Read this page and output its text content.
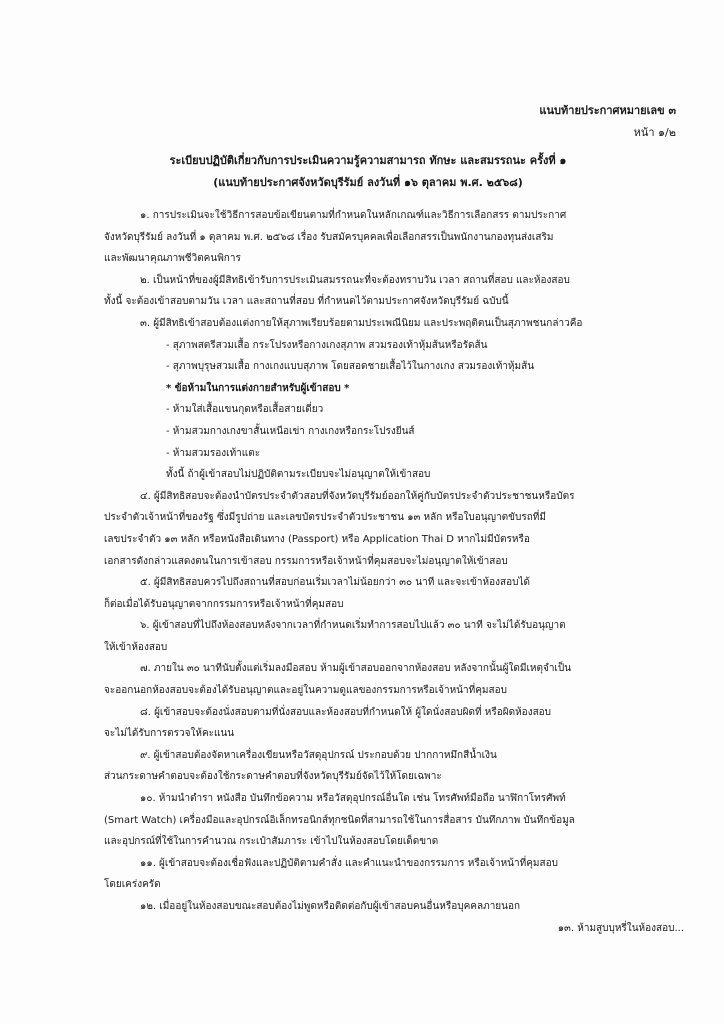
แนบท้ายประกาศหมายเลข ๓
หน้า ๑/๒
ระเบียบปฏิบัติเกี่ยวกับการประเมินความรู้ความสามารถ ทักษะ และสมรรถนะ ครั้งที่ ๑
(แนบท้ายประกาศจังหวัดบุรีรัมย์ ลงวันที่ ๑๖ ตุลาคม พ.ศ. ๒๕๖๘)

๑. การประเมินจะใช้วิธีการสอบข้อเขียนตามที่กำหนดในหลักเกณฑ์และวิธีการเลือกสรร ตามประกาศ

จังหวัดบุรีรัมย์ ลงวันที่ ๑ ตุลาคม พ.ศ. ๒๕๖๘ เรื่อง รับสมัครบุคคลเพื่อเลือกสรรเป็นพนักงานกองทุนส่งเสริม

และพัฒนาคุณภาพชีวิตคนพิการ

๒. เป็นหน้าที่ของผู้มีสิทธิเข้ารับการประเมินสมรรถนะที่จะต้องทราบวัน เวลา สถานที่สอบ และห้องสอบ

ทั้งนี้ จะต้องเข้าสอบตามวัน เวลา และสถานที่สอบ ที่กำหนดไว้ตามประกาศจังหวัดบุรีรัมย์ ฉบับนี้

๓. ผู้มีสิทธิเข้าสอบต้องแต่งกายให้สุภาพเรียบร้อยตามประเพณีนิยม และประพฤติตนเป็นสุภาพชนกล่าวคือ

- สุภาพสตรีสวมเสื้อ กระโปรงหรือกางเกงสุภาพ สวมรองเท้าหุ้มส้นหรือรัดส้น

- สุภาพบุรุษสวมเสื้อ กางเกงแบบสุภาพ โดยสอดชายเสื้อไว้ในกางเกง สวมรองเท้าหุ้มส้น

* ข้อห้ามในการแต่งกายสำหรับผู้เข้าสอบ *

- ห้ามใส่เสื้อแขนกุดหรือเสื้อสายเดี่ยว

- ห้ามสวมกางเกงขาสั้นเหนือเข่า กางเกงหรือกระโปรงยีนส์

- ห้ามสวมรองเท้าแตะ

ทั้งนี้ ถ้าผู้เข้าสอบไม่ปฏิบัติตามระเบียบจะไม่อนุญาตให้เข้าสอบ

๔. ผู้มีสิทธิสอบจะต้องนำบัตรประจำตัวสอบที่จังหวัดบุรีรัมย์ออกให้คู่กับบัตรประจำตัวประชาชนหรือบัตร

ประจำตัวเจ้าหน้าที่ของรัฐ ซึ่งมีรูปถ่าย และเลขบัตรประจำตัวประชาชน ๑๓ หลัก หรือใบอนุญาตขับรถที่มี

เลขประจำตัว ๑๓ หลัก หรือหนังสือเดินทาง (Passport) หรือ Application Thai D หากไม่มีบัตรหรือ

เอกสารดังกล่าวแสดงตนในการเข้าสอบ กรรมการหรือเจ้าหน้าที่คุมสอบจะไม่อนุญาตให้เข้าสอบ

๕. ผู้มีสิทธิสอบควรไปถึงสถานที่สอบก่อนเริ่มเวลาไม่น้อยกว่า ๓๐ นาที และจะเข้าห้องสอบได้

ก็ต่อเมื่อได้รับอนุญาตจากกรรมการหรือเจ้าหน้าที่คุมสอบ

๖. ผู้เข้าสอบที่ไปถึงห้องสอบหลังจากเวลาที่กำหนดเริ่มทำการสอบไปแล้ว ๓๐ นาที จะไม่ได้รับอนุญาต

ให้เข้าห้องสอบ

๗. ภายใน ๓๐ นาทีนับตั้งแต่เริ่มลงมือสอบ ห้ามผู้เข้าสอบออกจากห้องสอบ หลังจากนั้นผู้ใดมีเหตุจำเป็น

จะออกนอกห้องสอบจะต้องได้รับอนุญาตและอยู่ในความดูแลของกรรมการหรือเจ้าหน้าที่คุมสอบ

๘. ผู้เข้าสอบจะต้องนั่งสอบตามที่นั่งสอบและห้องสอบที่กำหนดให้ ผู้ใดนั่งสอบผิดที่ หรือผิดห้องสอบ

จะไม่ได้รับการตรวจให้คะแนน

๙. ผู้เข้าสอบต้องจัดหาเครื่องเขียนหรือวัสดุอุปกรณ์ ประกอบด้วย ปากกาหมึกสีน้ำเงิน

ส่วนกระดาษคำตอบจะต้องใช้กระดาษคำตอบที่จังหวัดบุรีรัมย์จัดไว้ให้โดยเฉพาะ

๑๐. ห้ามนำตำรา หนังสือ บันทึกข้อความ หรือวัสดุอุปกรณ์อื่นใด เช่น โทรศัพท์มือถือ นาฬิกาโทรศัพท์

(Smart Watch) เครื่องมือและอุปกรณ์อิเล็กทรอนิกส์ทุกชนิดที่สามารถใช้ในการสื่อสาร บันทึกภาพ บันทึกข้อมูล

และอุปกรณ์ที่ใช้ในการคำนวณ กระเป๋าสัมภาระ เข้าไปในห้องสอบโดยเด็ดขาด

๑๑. ผู้เข้าสอบจะต้องเชื่อฟังและปฏิบัติตามคำสั่ง และคำแนะนำของกรรมการ หรือเจ้าหน้าที่คุมสอบ

โดยเคร่งครัด

๑๒. เมื่ออยู่ในห้องสอบขณะสอบต้องไม่พูดหรือติดต่อกับผู้เข้าสอบคนอื่นหรือบุคคลภายนอก

๑๓. ห้ามสูบบุหรี่ในห้องสอบ...
